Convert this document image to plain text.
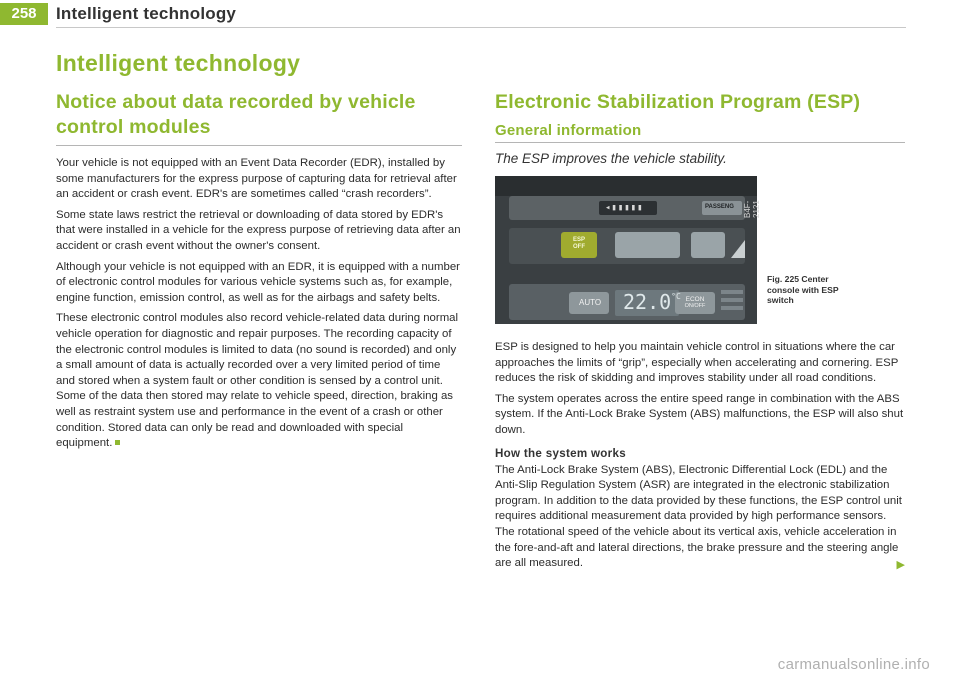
258	Intelligent technology
Intelligent technology
Notice about data recorded by vehicle control modules

Your vehicle is not equipped with an Event Data Recorder (EDR), installed by some manufacturers for the express purpose of capturing data for retrieval after an accident or crash event. EDR's are sometimes called “crash recorders”.

Some state laws restrict the retrieval or downloading of data stored by EDR's that were installed in a vehicle for the express purpose of retrieving data after an accident or crash event without the owner's consent.

Although your vehicle is not equipped with an EDR, it is equipped with a number of electronic control modules for various vehicle systems such as, for example, engine function, emission control, as well as for the airbags and safety belts.

These electronic control modules also record vehicle-related data during normal vehicle operation for diagnostic and repair purposes. The recording capacity of the electronic control modules is limited to data (no sound is recorded) and only a small amount of data is actually recorded over a very limited period of time and stored when a system fault or other condition is sensed by a control unit. Some of the data then stored may relate to vehicle speed, direction, braking as well as restraint system use and performance in the event of a crash or other condition. Stored data can only be read and downloaded with special equipment.

Electronic Stabilization Program (ESP)
General information
The ESP improves the vehicle stability.
◂▮▮▮▮▮	PASSENG B4F-2121
ESP
OFF
AUTO $22.0^{^\circ C}$ ECON
ON/OFF
Fig. 225 Center console with ESP switch

ESP is designed to help you maintain vehicle control in situations where the car approaches the limits of “grip”, especially when accelerating and cornering. ESP reduces the risk of skidding and improves stability under all road conditions.

The system operates across the entire speed range in combination with the ABS system. If the Anti-Lock Brake System (ABS) malfunctions, the ESP will also shut down.

How the system works

The Anti-Lock Brake System (ABS), Electronic Differential Lock (EDL) and the Anti-Slip Regulation System (ASR) are integrated in the electronic stabilization program. In addition to the data provided by these functions, the ESP control unit requires additional measurement data provided by high performance sensors. The rotational speed of the vehicle about its vertical axis, vehicle acceleration in the fore-and-aft and lateral directions, the brake pressure and the steering angle are all measured.	▶

carmanualsonline.info
